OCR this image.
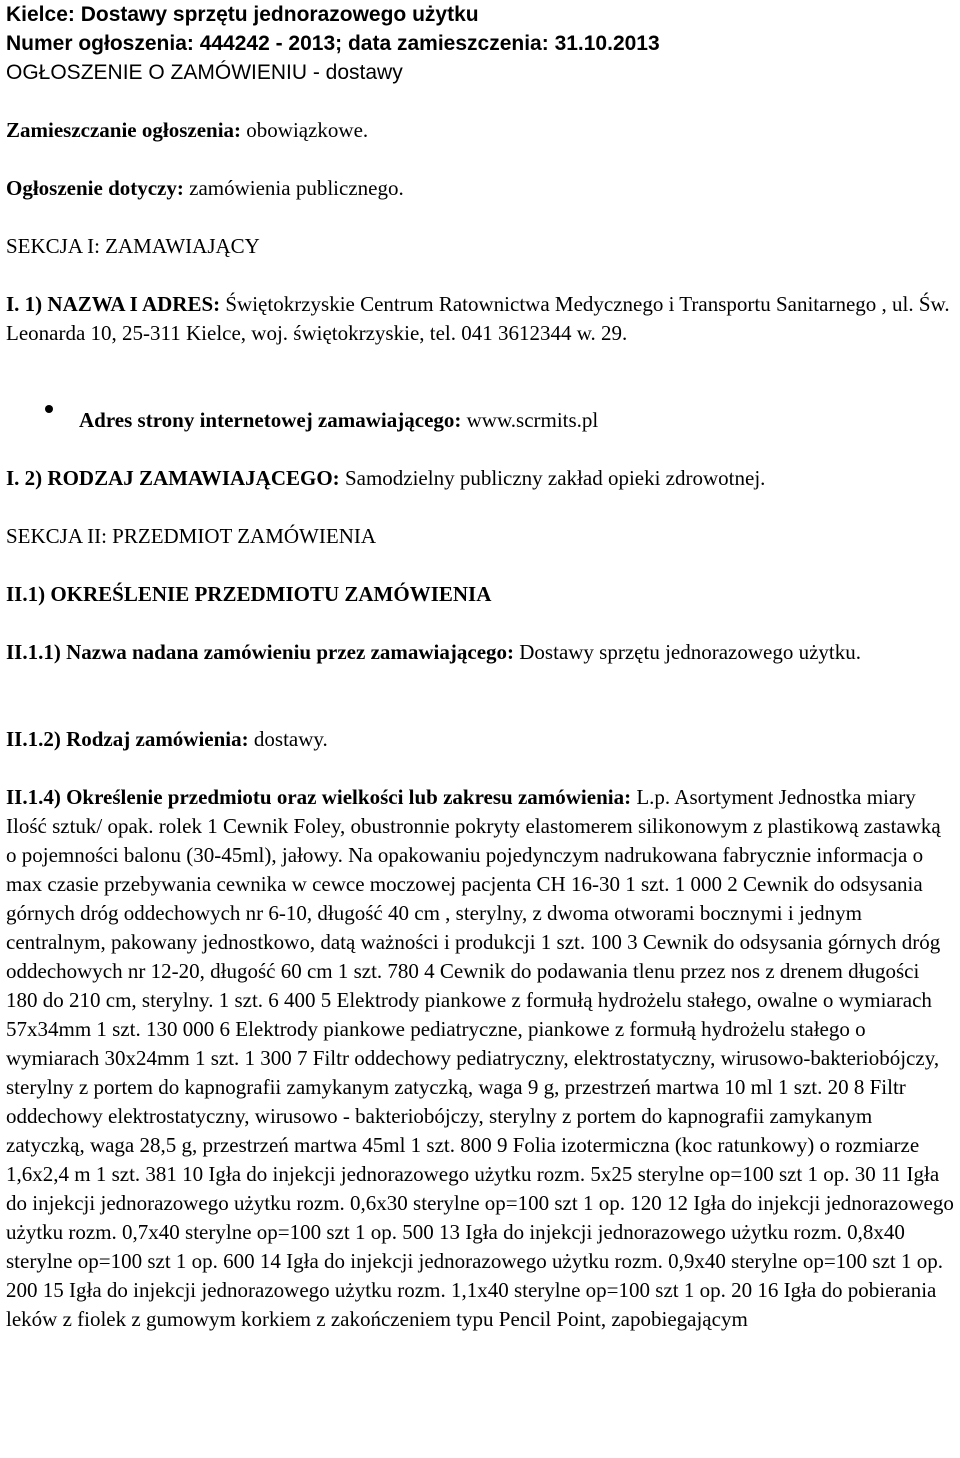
Kielce: Dostawy sprzętu jednorazowego użytku
Numer ogłoszenia: 444242 - 2013; data zamieszczenia: 31.10.2013
OGŁOSZENIE O ZAMÓWIENIU - dostawy

Zamieszczanie ogłoszenia: obowiązkowe.

Ogłoszenie dotyczy: zamówienia publicznego.

SEKCJA I: ZAMAWIAJĄCY

I. 1) NAZWA I ADRES: Świętokrzyskie Centrum Ratownictwa Medycznego i Transportu Sanitarnego , ul. Św. Leonarda 10, 25-311 Kielce, woj. świętokrzyskie, tel. 041 3612344 w. 29.

Adres strony internetowej zamawiającego: www.scrmits.pl

I. 2) RODZAJ ZAMAWIAJĄCEGO: Samodzielny publiczny zakład opieki zdrowotnej.

SEKCJA II: PRZEDMIOT ZAMÓWIENIA

II.1) OKREŚLENIE PRZEDMIOTU ZAMÓWIENIA

II.1.1) Nazwa nadana zamówieniu przez zamawiającego: Dostawy sprzętu jednorazowego użytku.

II.1.2) Rodzaj zamówienia: dostawy.

II.1.4) Określenie przedmiotu oraz wielkości lub zakresu zamówienia: L.p. Asortyment Jednostka miary Ilość sztuk/ opak. rolek 1 Cewnik Foley, obustronnie pokryty elastomerem silikonowym z plastikową zastawką o pojemności balonu (30-45ml), jałowy. Na opakowaniu pojedynczym nadrukowana fabrycznie informacja o max czasie przebywania cewnika w cewce moczowej pacjenta CH 16-30 1 szt. 1 000 2 Cewnik do odsysania górnych dróg oddechowych nr 6-10, długość 40 cm , sterylny, z dwoma otworami bocznymi i jednym centralnym, pakowany jednostkowo, datą ważności i produkcji 1 szt. 100 3 Cewnik do odsysania górnych dróg oddechowych nr 12-20, długość 60 cm 1 szt. 780 4 Cewnik do podawania tlenu przez nos z drenem długości 180 do 210 cm, sterylny. 1 szt. 6 400 5 Elektrody piankowe z formułą hydrożelu stałego, owalne o wymiarach 57x34mm 1 szt. 130 000 6 Elektrody piankowe pediatryczne, piankowe z formułą hydrożelu stałego o wymiarach 30x24mm 1 szt. 1 300 7 Filtr oddechowy pediatryczny, elektrostatyczny, wirusowo-bakteriobójczy, sterylny z portem do kapnografii zamykanym zatyczką, waga 9 g, przestrzeń martwa 10 ml 1 szt. 20 8 Filtr oddechowy elektrostatyczny, wirusowo - bakteriobójczy, sterylny z portem do kapnografii zamykanym zatyczką, waga 28,5 g, przestrzeń martwa 45ml 1 szt. 800 9 Folia izotermiczna (koc ratunkowy) o rozmiarze 1,6x2,4 m 1 szt. 381 10 Igła do injekcji jednorazowego użytku rozm. 5x25 sterylne op=100 szt 1 op. 30 11 Igła do injekcji jednorazowego użytku rozm. 0,6x30 sterylne op=100 szt 1 op. 120 12 Igła do injekcji jednorazowego użytku rozm. 0,7x40 sterylne op=100 szt 1 op. 500 13 Igła do injekcji jednorazowego użytku rozm. 0,8x40 sterylne op=100 szt 1 op. 600 14 Igła do injekcji jednorazowego użytku rozm. 0,9x40 sterylne op=100 szt 1 op. 200 15 Igła do injekcji jednorazowego użytku rozm. 1,1x40 sterylne op=100 szt 1 op. 20 16 Igła do pobierania leków z fiolek z gumowym korkiem z zakończeniem typu Pencil Point, zapobiegającym
